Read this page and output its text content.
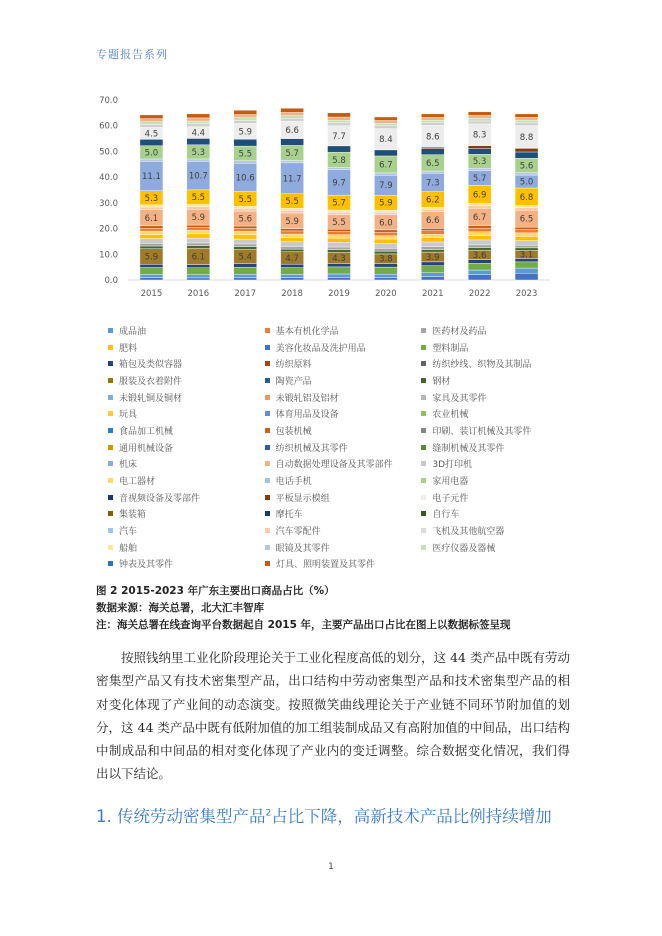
专题报告系列
0.0
10.0
20.0
30.0
40.0
50.0
60.0
70.0
5.9
6.1
5.3
11.1
5.0
4.5
2015
6.1
5.9
5.5
10.7
5.3
4.4
2016
5.4
5.6
5.5
10.6
5.5
5.9
2017
4.7
5.9
5.5
11.7
5.7
6.6
2018
4.3
5.5
5.7
9.7
5.8
7.7
2019
3.8
6.0
5.9
7.9
6.7
8.4
2020
3.9
6.6
6.2
7.3
6.5
8.6
2021
3.6
6.7
6.9
5.7
5.3
8.3
2022
3.1
6.5
6.8
5.0
5.6
8.8
2023
成品油	基本有机化学品	医药材及药品
肥料	美容化妆品及洗护用品	塑料制品
箱包及类似容器	纺织原料	纺织纱线、织物及其制品
服装及衣着附件	陶瓷产品	钢材
未锻轧铜及铜材	未锻轧铝及铝材	家具及其零件
玩具	体育用品及设备	农业机械
食品加工机械	包装机械	印刷、装订机械及其零件
通用机械设备	纺织机械及其零件	缝制机械及其零件
机床	自动数据处理设备及其零部件	3D打印机
电工器材	电话手机	家用电器
音视频设备及零部件	平板显示模组	电子元件
集装箱	摩托车	自行车
汽车	汽车零配件	飞机及其他航空器
船舶	眼镜及其零件	医疗仪器及器械
钟表及其零件	灯具、照明装置及其零件
图 2 2015-2023 年广东主要出口商品占比（%）
数据来源：海关总署，北大汇丰智库
注：海关总署在线查询平台数据起自 2015 年，主要产品出口占比在图上以数据标签呈现

按照钱纳里工业化阶段理论关于工业化程度高低的划分，这 44 类产品中既有劳动密集型产品又有技术密集型产品，出口结构中劳动密集型产品和技术密集型产品的相对变化体现了产业间的动态演变。按照微笑曲线理论关于产业链不同环节附加值的划分，这 44 类产品中既有低附加值的加工组装制成品又有高附加值的中间品，出口结构中制成品和中间品的相对变化体现了产业内的变迁调整。综合数据变化情况，我们得出以下结论。

1. 传统劳动密集型产品$^2$占比下降，高新技术产品比例持续增加
1
